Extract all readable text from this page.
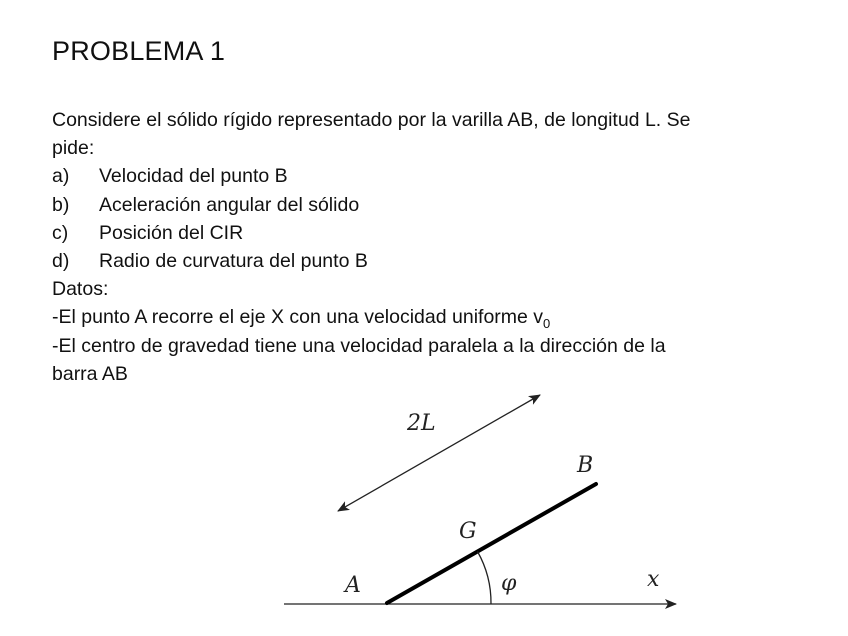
PROBLEMA 1
Considere el sólido rígido representado por la varilla AB, de longitud L. Se
pide:
a) Velocidad del punto B
b) Aceleración angular del sólido
c) Posición del CIR
d) Radio de curvatura del punto B
Datos:
-El punto A recorre el eje X con una velocidad uniforme $v_0$
-El centro de gravedad tiene una velocidad paralela a la dirección de la
barra AB
2L
B
G
A	φ	x
